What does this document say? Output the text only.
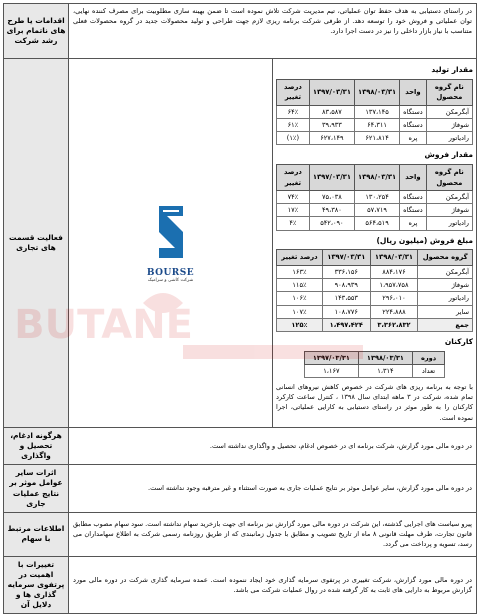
BUTANE
در راستای دستیابی به هدف حفظ توان عملیاتی، تیم مدیریت شرکت تلاش نموده است تا ضمن بهینه سازی مطلوبیت برای مصرف کننده نهایی، توان عملیاتی و فروش خود را توسعه دهد. از طرفی شرکت برنامه ریزی لازم جهت طراحی و تولید محصولات جدید در گروه محصولات فعلی متناسب با نیاز بازار داخلی را نیز در دست اجرا دارد.	اقدامات یا طرح های ناتمام برای رشد شرکت

مقدار تولید
نام گروه محصول	واحد	۱۳۹۸/۰۳/۳۱	۱۳۹۷/۰۳/۳۱	درصد تغییر
آبگرمکن	دستگاه	۱۳۷،۱۴۵	۸۳،۵۸۷	۶۴٪
شوفاژ	دستگاه	۶۴،۳۱۱	۳۹،۹۳۳	۶۱٪
رادیاتور	پره	۶۲۱،۸۱۴	۶۲۷،۱۴۹	(۱٪)
مقدار فروش
نام گروه محصول	واحد	۱۳۹۸/۰۳/۳۱	۱۳۹۷/۰۳/۳۱	درصد تغییر
آبگرمکن	دستگاه	۱۳۰،۲۵۴	۷۵،۰۳۸	۷۴٪
شوفاژ	دستگاه	۵۷،۷۱۹	۴۹،۳۸۰	۱۷٪
رادیاتور	پره	۵۶۴،۵۱۹	۵۴۲،۰۹۰	۴٪
مبلغ فروش (میلیون ریال)
گروه محصول	۱۳۹۸/۰۳/۳۱	۱۳۹۷/۰۳/۳۱	درصد تغییر
آبگرمکن	۸۸۴،۱۷۶	۳۳۶،۱۵۶	۱۶۳٪
شوفاژ	۱،۹۵۷،۷۵۸	۹۰۸،۹۳۹	۱۱۵٪
رادیاتور	۲۹۶،۰۱۰	۱۴۳،۵۵۳	۱۰۶٪
سایر	۲۲۴،۸۸۸	۱۰۸،۷۷۶	۱۰۷٪
جمع	۳،۳۶۲،۸۳۲	۱،۴۹۷،۴۲۴	۱۲۵٪
کارکنان
دوره	۱۳۹۸/۰۳/۳۱	۱۳۹۷/۰۳/۳۱
تعداد	۱،۳۱۴	۱،۱۶۷
با توجه به برنامه ریزی های شرکت در خصوص کاهش نیروهای انسانی تمام شده، شرکت در ۳ ماهه ابتدای سال ۱۳۹۸ ، کنترل ساعت کارکرد کارکنان را به طور موثر در راستای دستیابی به کارایی عملیاتی، اجرا نموده است.

BOURSE
شرکت کاشی و سرامیک
	فعالیت قسمت های تجاری
در دوره مالی مورد گزارش، شرکت برنامه ای در خصوص ادغام، تحصیل و واگذاری نداشته است.	هرگونه ادغام، تحصیل و واگذاری
در دوره مالی مورد گزارش، سایر عوامل موثر بر نتایج عملیات جاری به صورت استثناء و غیر مترقبه وجود نداشته است.	اثرات سایر عوامل موثر بر نتایج عملیات جاری
پیرو سیاست های اجرایی گذشته، این شرکت در دوره مالی مورد گزارش نیز برنامه ای جهت بازخرید سهام نداشته است. سود سهام مصوب مطابق قانون تجارت، طرف مهلت قانونی ۸ ماه از تاریخ تصویب و مطابق با جدول زمانبندی که از طریق روزنامه رسمی شرکت به اطلاع سهامداران می رسد، تسویه و پرداخت می گردد.	اطلاعات مرتبط با سهام
در دوره مالی مورد گزارش، شرکت تغییری در پرتفوی سرمایه گذاری خود ایجاد ننموده است. عمده سرمایه گذاری شرکت در دوره مالی مورد گزارش مربوط به دارایی های ثابت به کار گرفته شده در روال عملیات شرکت می باشد.	تغییرات با اهمیت در پرتفوی سرمایه گذاری ها و دلایل آن
